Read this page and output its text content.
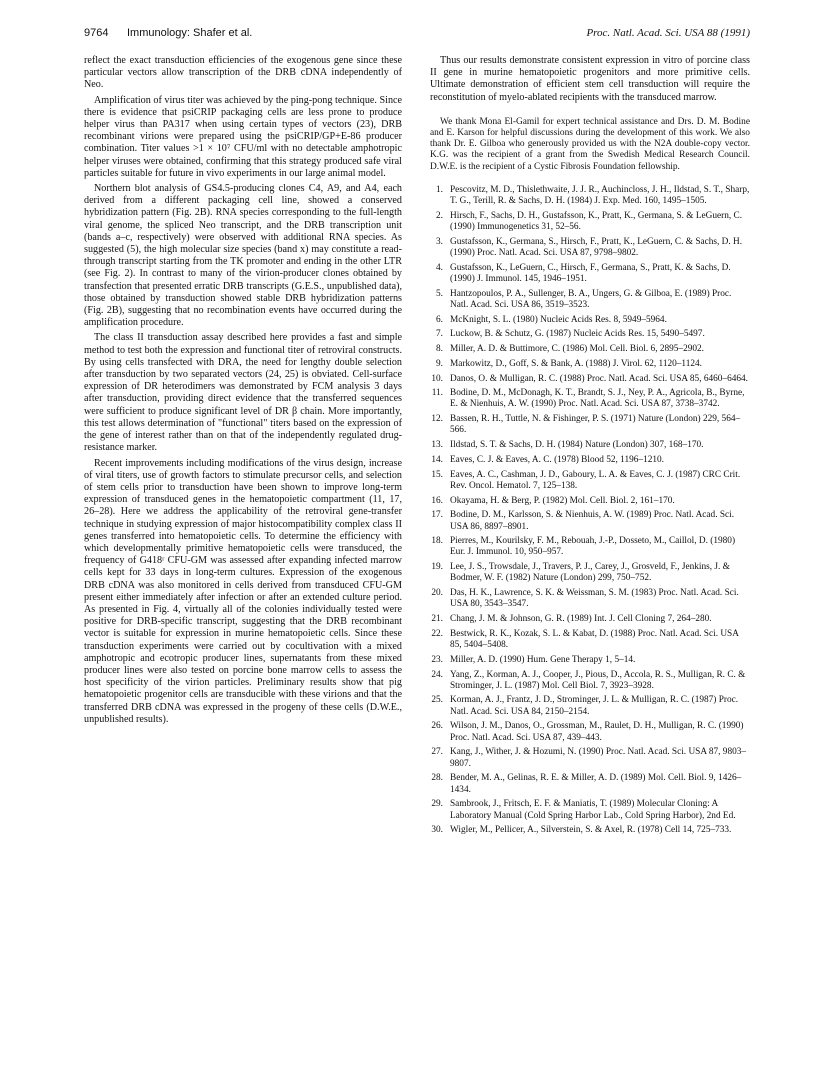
9764 Immunology: Shafer et al.	Proc. Natl. Acad. Sci. USA 88 (1991)

reflect the exact transduction efficiencies of the exogenous gene since these particular vectors allow transcription of the DRB cDNA independently of Neo.

Amplification of virus titer was achieved by the ping-pong technique. Since there is evidence that psiCRIP packaging cells are less prone to produce helper virus than PA317 when using certain types of vectors (23), DRB recombinant virions were prepared using the psiCRIP/GP+E-86 producer combination. Titer values >1 × 10⁷ CFU/ml with no detectable amphotropic helper viruses were obtained, confirming that this strategy produced safe viral particles suitable for future in vivo experiments in our large animal model.

Northern blot analysis of GS4.5-producing clones C4, A9, and A4, each derived from a different packaging cell line, showed a conserved hybridization pattern (Fig. 2B). RNA species corresponding to the full-length viral genome, the spliced Neo transcript, and the DRB transcription unit (bands a–c, respectively) were observed with additional RNA species. As suggested (5), the high molecular size species (band x) may constitute a read-through transcript starting from the TK promoter and ending in the other LTR (see Fig. 2). In contrast to many of the virion-producer clones obtained by transfection that presented erratic DRB transcripts (G.E.S., unpublished data), those obtained by transduction showed stable DRB hybridization patterns (Fig. 2B), suggesting that no recombination events have occurred during the amplification procedure.

The class II transduction assay described here provides a fast and simple method to test both the expression and functional titer of retroviral constructs. By using cells transfected with DRA, the need for lengthy double selection after transduction by two separated vectors (24, 25) is obviated. Cell-surface expression of DR heterodimers was demonstrated by FCM analysis 3 days after transduction, providing direct evidence that the transferred sequences were sufficient to produce significant level of DR β chain. More importantly, this test allows determination of "functional" titers based on the expression of the gene of interest rather than on that of the independently regulated drug-resistance marker.

Recent improvements including modifications of the virus design, increase of viral titers, use of growth factors to stimulate precursor cells, and selection of stem cells prior to transduction have been shown to improve long-term expression of transduced genes in the hematopoietic compartment (11, 17, 26–28). Here we address the applicability of the retroviral gene-transfer technique in studying expression of major histocompatibility complex class II genes transferred into hematopoietic cells. To determine the efficiency with which developmentally primitive hematopoietic cells were transduced, the frequency of G418ʳ CFU-GM was assessed after expanding infected marrow cells kept for 33 days in long-term cultures. Expression of the exogenous DRB cDNA was also monitored in cells derived from transduced CFU-GM present either immediately after infection or after an extended culture period. As presented in Fig. 4, virtually all of the colonies individually tested were positive for DRB-specific transcript, suggesting that the DRB recombinant vector is suitable for expression in murine hematopoietic cells. Since these transduction experiments were carried out by cocultivation with a mixed amphotropic and ecotropic producer lines, supernatants from these mixed producer lines were also tested on porcine bone marrow cells to assess the host specificity of the virion particles. Preliminary results show that pig hematopoietic progenitor cells are transducible with these virions and that the transferred DRB cDNA was expressed in the progeny of these cells (D.W.E., unpublished results).

Thus our results demonstrate consistent expression in vitro of porcine class II gene in murine hematopoietic progenitors and more primitive cells. Ultimate demonstration of efficient stem cell transduction will require the reconstitution of myelo-ablated recipients with the transduced marrow.

We thank Mona El-Gamil for expert technical assistance and Drs. D. M. Bodine and E. Karson for helpful discussions during the development of this work. We also thank Dr. E. Gilboa who generously provided us with the N2A double-copy vector. K.G. was the recipient of a grant from the Swedish Medical Research Council. D.W.E. is the recipient of a Cystic Fibrosis Foundation fellowship.
1. Pescovitz, M. D., Thislethwaite, J. J. R., Auchincloss, J. H., Ildstad, S. T., Sharp, T. G., Terill, R. & Sachs, D. H. (1984) J. Exp. Med. 160, 1495–1505.
2. Hirsch, F., Sachs, D. H., Gustafsson, K., Pratt, K., Germana, S. & LeGuern, C. (1990) Immunogenetics 31, 52–56.
3. Gustafsson, K., Germana, S., Hirsch, F., Pratt, K., LeGuern, C. & Sachs, D. H. (1990) Proc. Natl. Acad. Sci. USA 87, 9798–9802.
4. Gustafsson, K., LeGuern, C., Hirsch, F., Germana, S., Pratt, K. & Sachs, D. (1990) J. Immunol. 145, 1946–1951.
5. Hantzopoulos, P. A., Sullenger, B. A., Ungers, G. & Gilboa, E. (1989) Proc. Natl. Acad. Sci. USA 86, 3519–3523.
6. McKnight, S. L. (1980) Nucleic Acids Res. 8, 5949–5964.
7. Luckow, B. & Schutz, G. (1987) Nucleic Acids Res. 15, 5490–5497.
8. Miller, A. D. & Buttimore, C. (1986) Mol. Cell. Biol. 6, 2895–2902.
9. Markowitz, D., Goff, S. & Bank, A. (1988) J. Virol. 62, 1120–1124.
10. Danos, O. & Mulligan, R. C. (1988) Proc. Natl. Acad. Sci. USA 85, 6460–6464.
11. Bodine, D. M., McDonagh, K. T., Brandt, S. J., Ney, P. A., Agricola, B., Byrne, E. & Nienhuis, A. W. (1990) Proc. Natl. Acad. Sci. USA 87, 3738–3742.
12. Bassen, R. H., Tuttle, N. & Fishinger, P. S. (1971) Nature (London) 229, 564–566.
13. Ildstad, S. T. & Sachs, D. H. (1984) Nature (London) 307, 168–170.
14. Eaves, C. J. & Eaves, A. C. (1978) Blood 52, 1196–1210.
15. Eaves, A. C., Cashman, J. D., Gaboury, L. A. & Eaves, C. J. (1987) CRC Crit. Rev. Oncol. Hematol. 7, 125–138.
16. Okayama, H. & Berg, P. (1982) Mol. Cell. Biol. 2, 161–170.
17. Bodine, D. M., Karlsson, S. & Nienhuis, A. W. (1989) Proc. Natl. Acad. Sci. USA 86, 8897–8901.
18. Pierres, M., Kourilsky, F. M., Rebouah, J.-P., Dosseto, M., Caillol, D. (1980) Eur. J. Immunol. 10, 950–957.
19. Lee, J. S., Trowsdale, J., Travers, P. J., Carey, J., Grosveld, F., Jenkins, J. & Bodmer, W. F. (1982) Nature (London) 299, 750–752.
20. Das, H. K., Lawrence, S. K. & Weissman, S. M. (1983) Proc. Natl. Acad. Sci. USA 80, 3543–3547.
21. Chang, J. M. & Johnson, G. R. (1989) Int. J. Cell Cloning 7, 264–280.
22. Bestwick, R. K., Kozak, S. L. & Kabat, D. (1988) Proc. Natl. Acad. Sci. USA 85, 5404–5408.
23. Miller, A. D. (1990) Hum. Gene Therapy 1, 5–14.
24. Yang, Z., Korman, A. J., Cooper, J., Pious, D., Accola, R. S., Mulligan, R. C. & Strominger, J. L. (1987) Mol. Cell Biol. 7, 3923–3928.
25. Korman, A. J., Frantz, J. D., Strominger, J. L. & Mulligan, R. C. (1987) Proc. Natl. Acad. Sci. USA 84, 2150–2154.
26. Wilson, J. M., Danos, O., Grossman, M., Raulet, D. H., Mulligan, R. C. (1990) Proc. Natl. Acad. Sci. USA 87, 439–443.
27. Kang, J., Wither, J. & Hozumi, N. (1990) Proc. Natl. Acad. Sci. USA 87, 9803–9807.
28. Bender, M. A., Gelinas, R. E. & Miller, A. D. (1989) Mol. Cell. Biol. 9, 1426–1434.
29. Sambrook, J., Fritsch, E. F. & Maniatis, T. (1989) Molecular Cloning: A Laboratory Manual (Cold Spring Harbor Lab., Cold Spring Harbor), 2nd Ed.
30. Wigler, M., Pellicer, A., Silverstein, S. & Axel, R. (1978) Cell 14, 725–733.
